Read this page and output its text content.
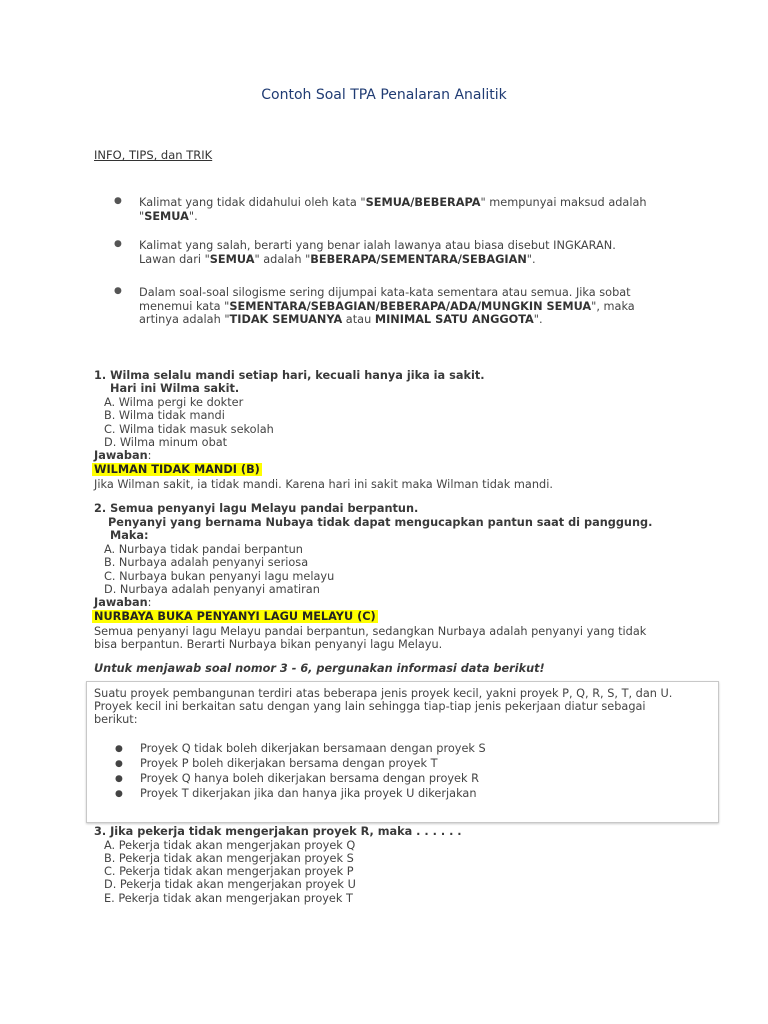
Contoh Soal TPA Penalaran Analitik
INFO, TIPS, dan TRIK
● Kalimat yang tidak didahului oleh kata "SEMUA/BEBERAPA" mempunyai maksud adalah
"SEMUA".
● Kalimat yang salah, berarti yang benar ialah lawanya atau biasa disebut INGKARAN.
Lawan dari "SEMUA" adalah "BEBERAPA/SEMENTARA/SEBAGIAN".
● Dalam soal-soal silogisme sering dijumpai kata-kata sementara atau semua. Jika sobat
menemui kata "SEMENTARA/SEBAGIAN/BEBERAPA/ADA/MUNGKIN SEMUA", maka
artinya adalah "TIDAK SEMUANYA atau MINIMAL SATU ANGGOTA".
1. Wilma selalu mandi setiap hari, kecuali hanya jika ia sakit.
Hari ini Wilma sakit.
A. Wilma pergi ke dokter
B. Wilma tidak mandi
C. Wilma tidak masuk sekolah
D. Wilma minum obat
Jawaban:
WILMAN TIDAK MANDI (B)
Jika Wilman sakit, ia tidak mandi. Karena hari ini sakit maka Wilman tidak mandi.
2. Semua penyanyi lagu Melayu pandai berpantun.
Penyanyi yang bernama Nubaya tidak dapat mengucapkan pantun saat di panggung.
Maka:
A. Nurbaya tidak pandai berpantun
B. Nurbaya adalah penyanyi seriosa
C. Nurbaya bukan penyanyi lagu melayu
D. Nurbaya adalah penyanyi amatiran
Jawaban:
NURBAYA BUKA PENYANYI LAGU MELAYU (C)
Semua penyanyi lagu Melayu pandai berpantun, sedangkan Nurbaya adalah penyanyi yang tidak
bisa berpantun. Berarti Nurbaya bikan penyanyi lagu Melayu.
Untuk menjawab soal nomor 3 - 6, pergunakan informasi data berikut!
Suatu proyek pembangunan terdiri atas beberapa jenis proyek kecil, yakni proyek P, Q, R, S, T, dan U.
Proyek kecil ini berkaitan satu dengan yang lain sehingga tiap-tiap jenis pekerjaan diatur sebagai
berikut:
● Proyek Q tidak boleh dikerjakan bersamaan dengan proyek S
● Proyek P boleh dikerjakan bersama dengan proyek T
● Proyek Q hanya boleh dikerjakan bersama dengan proyek R
● Proyek T dikerjakan jika dan hanya jika proyek U dikerjakan
3. Jika pekerja tidak mengerjakan proyek R, maka . . . . . .
A. Pekerja tidak akan mengerjakan proyek Q
B. Pekerja tidak akan mengerjakan proyek S
C. Pekerja tidak akan mengerjakan proyek P
D. Pekerja tidak akan mengerjakan proyek U
E. Pekerja tidak akan mengerjakan proyek T
